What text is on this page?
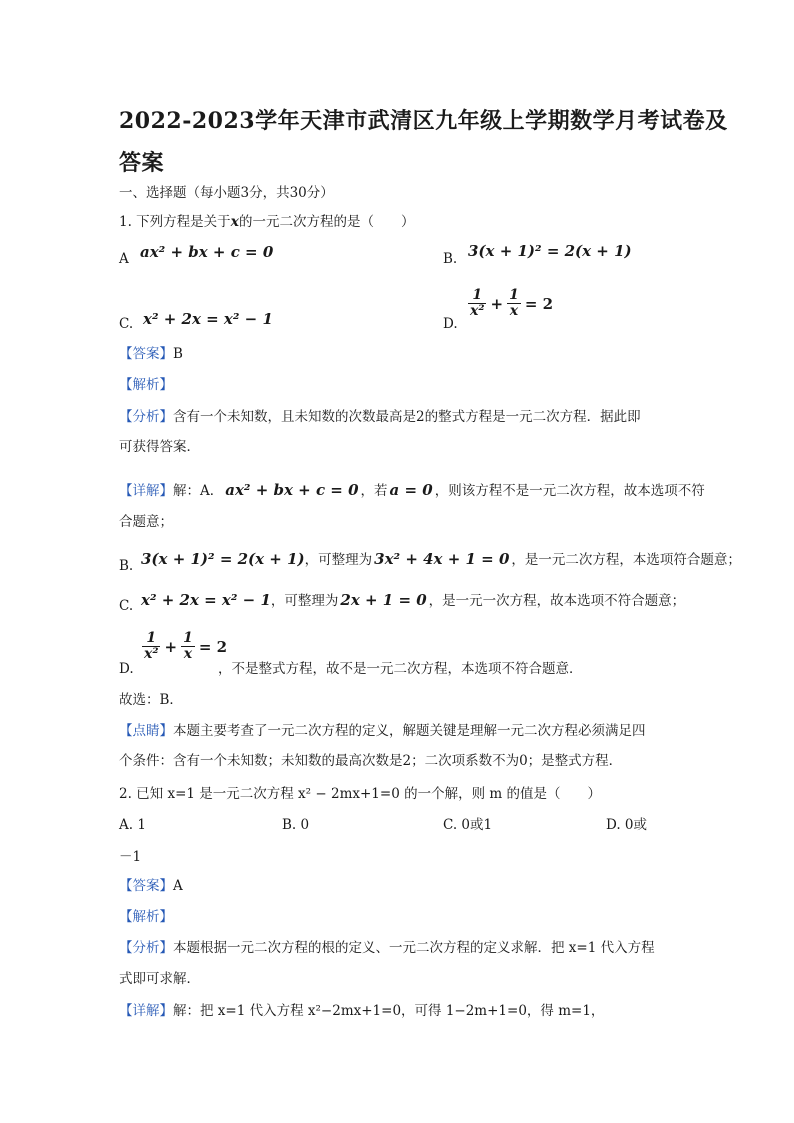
2022-2023学年天津市武清区九年级上学期数学月考试卷及
答案
一、选择题（每小题3分，共30分）
1. 下列方程是关于x的一元二次方程的是（　　）
A ax² + bx + c = 0	B. 3(x + 1)² = 2(x + 1)
C. x² + 2x = x² − 1	D.
$\frac{1}{\text{x²}} + \frac{1}{x} = 2$
【答案】B
【解析】
【分析】含有一个未知数，且未知数的次数最高是2的整式方程是一元二次方程．据此即
可获得答案．
【详解】 解：A． ax² + bx + c = 0 ，若 a = 0 ，则该方程不是一元二次方程，故本选项不符
合题意；
B. 3(x + 1)² = 2(x + 1) ，可整理为 3x² + 4x + 1 = 0 ，是一元二次方程，本选项符合题意；
C. x² + 2x = x² − 1 ，可整理为 2x + 1 = 0 ，是一元一次方程，故本选项不符合题意；
D.
$\frac{1}{\text{x²}} + \frac{1}{x} = 2$
，不是整式方程，故不是一元二次方程，本选项不符合题意．
故选：B．
【点睛】本题主要考查了一元二次方程的定义，解题关键是理解一元二次方程必须满足四
个条件：含有一个未知数；未知数的最高次数是2；二次项系数不为0；是整式方程．
2. 已知 x=1 是一元二次方程 x² − 2mx+1=0 的一个解，则 m 的值是（　　）
A. 1	B. 0	C. 0或1	D. 0或
－1
【答案】A
【解析】
【分析】本题根据一元二次方程的根的定义、一元二次方程的定义求解．把 x=1 代入方程
式即可求解．
【详解】解：把 x=1 代入方程 x²−2mx+1=0，可得 1−2m+1=0，得 m=1，
